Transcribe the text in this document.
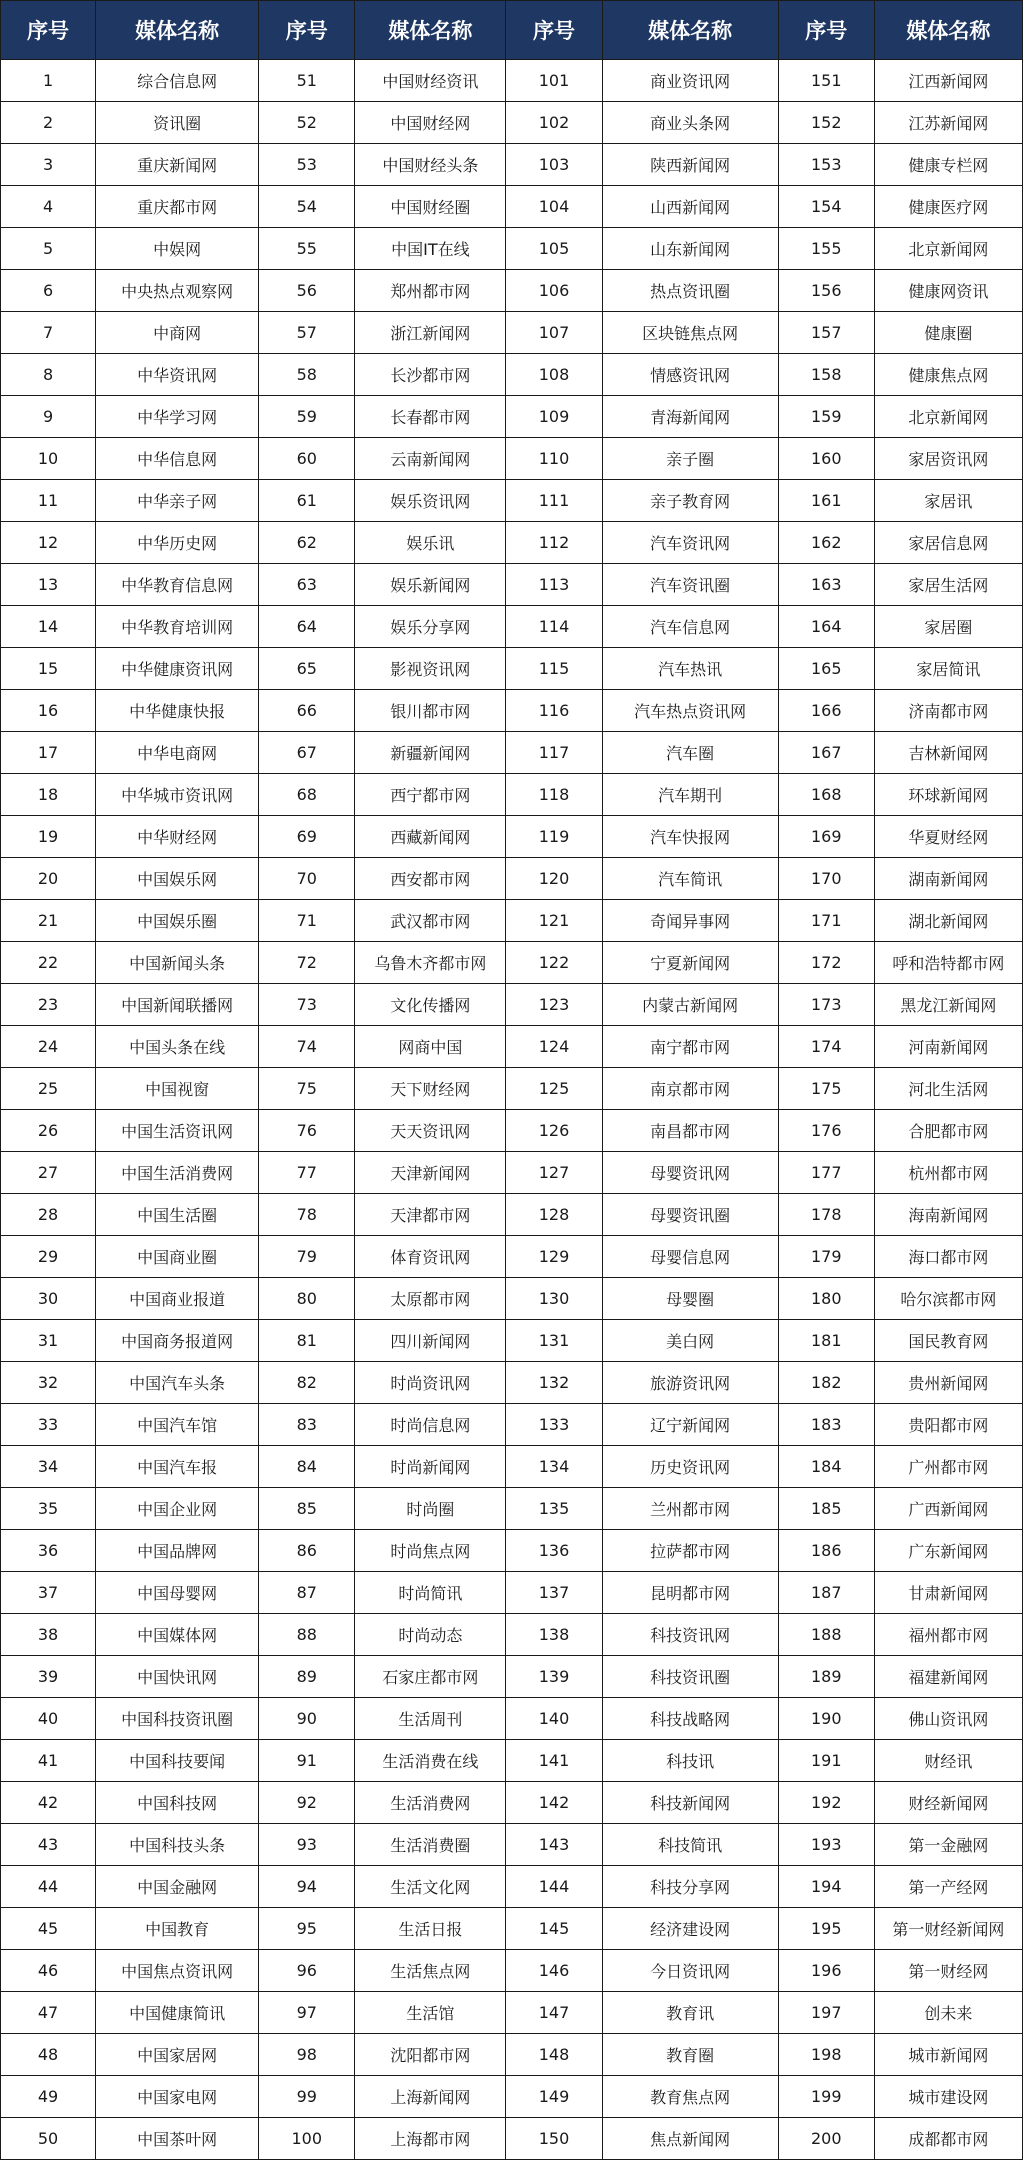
序号	媒体名称	序号	媒体名称	序号	媒体名称	序号	媒体名称
1	综合信息网	51	中国财经资讯	101	商业资讯网	151	江西新闻网
2	资讯圈	52	中国财经网	102	商业头条网	152	江苏新闻网
3	重庆新闻网	53	中国财经头条	103	陕西新闻网	153	健康专栏网
4	重庆都市网	54	中国财经圈	104	山西新闻网	154	健康医疗网
5	中娱网	55	中国IT在线	105	山东新闻网	155	北京新闻网
6	中央热点观察网	56	郑州都市网	106	热点资讯圈	156	健康网资讯
7	中商网	57	浙江新闻网	107	区块链焦点网	157	健康圈
8	中华资讯网	58	长沙都市网	108	情感资讯网	158	健康焦点网
9	中华学习网	59	长春都市网	109	青海新闻网	159	北京新闻网
10	中华信息网	60	云南新闻网	110	亲子圈	160	家居资讯网
11	中华亲子网	61	娱乐资讯网	111	亲子教育网	161	家居讯
12	中华历史网	62	娱乐讯	112	汽车资讯网	162	家居信息网
13	中华教育信息网	63	娱乐新闻网	113	汽车资讯圈	163	家居生活网
14	中华教育培训网	64	娱乐分享网	114	汽车信息网	164	家居圈
15	中华健康资讯网	65	影视资讯网	115	汽车热讯	165	家居简讯
16	中华健康快报	66	银川都市网	116	汽车热点资讯网	166	济南都市网
17	中华电商网	67	新疆新闻网	117	汽车圈	167	吉林新闻网
18	中华城市资讯网	68	西宁都市网	118	汽车期刊	168	环球新闻网
19	中华财经网	69	西藏新闻网	119	汽车快报网	169	华夏财经网
20	中国娱乐网	70	西安都市网	120	汽车简讯	170	湖南新闻网
21	中国娱乐圈	71	武汉都市网	121	奇闻异事网	171	湖北新闻网
22	中国新闻头条	72	乌鲁木齐都市网	122	宁夏新闻网	172	呼和浩特都市网
23	中国新闻联播网	73	文化传播网	123	内蒙古新闻网	173	黑龙江新闻网
24	中国头条在线	74	网商中国	124	南宁都市网	174	河南新闻网
25	中国视窗	75	天下财经网	125	南京都市网	175	河北生活网
26	中国生活资讯网	76	天天资讯网	126	南昌都市网	176	合肥都市网
27	中国生活消费网	77	天津新闻网	127	母婴资讯网	177	杭州都市网
28	中国生活圈	78	天津都市网	128	母婴资讯圈	178	海南新闻网
29	中国商业圈	79	体育资讯网	129	母婴信息网	179	海口都市网
30	中国商业报道	80	太原都市网	130	母婴圈	180	哈尔滨都市网
31	中国商务报道网	81	四川新闻网	131	美白网	181	国民教育网
32	中国汽车头条	82	时尚资讯网	132	旅游资讯网	182	贵州新闻网
33	中国汽车馆	83	时尚信息网	133	辽宁新闻网	183	贵阳都市网
34	中国汽车报	84	时尚新闻网	134	历史资讯网	184	广州都市网
35	中国企业网	85	时尚圈	135	兰州都市网	185	广西新闻网
36	中国品牌网	86	时尚焦点网	136	拉萨都市网	186	广东新闻网
37	中国母婴网	87	时尚简讯	137	昆明都市网	187	甘肃新闻网
38	中国媒体网	88	时尚动态	138	科技资讯网	188	福州都市网
39	中国快讯网	89	石家庄都市网	139	科技资讯圈	189	福建新闻网
40	中国科技资讯圈	90	生活周刊	140	科技战略网	190	佛山资讯网
41	中国科技要闻	91	生活消费在线	141	科技讯	191	财经讯
42	中国科技网	92	生活消费网	142	科技新闻网	192	财经新闻网
43	中国科技头条	93	生活消费圈	143	科技简讯	193	第一金融网
44	中国金融网	94	生活文化网	144	科技分享网	194	第一产经网
45	中国教育	95	生活日报	145	经济建设网	195	第一财经新闻网
46	中国焦点资讯网	96	生活焦点网	146	今日资讯网	196	第一财经网
47	中国健康简讯	97	生活馆	147	教育讯	197	创未来
48	中国家居网	98	沈阳都市网	148	教育圈	198	城市新闻网
49	中国家电网	99	上海新闻网	149	教育焦点网	199	城市建设网
50	中国茶叶网	100	上海都市网	150	焦点新闻网	200	成都都市网
